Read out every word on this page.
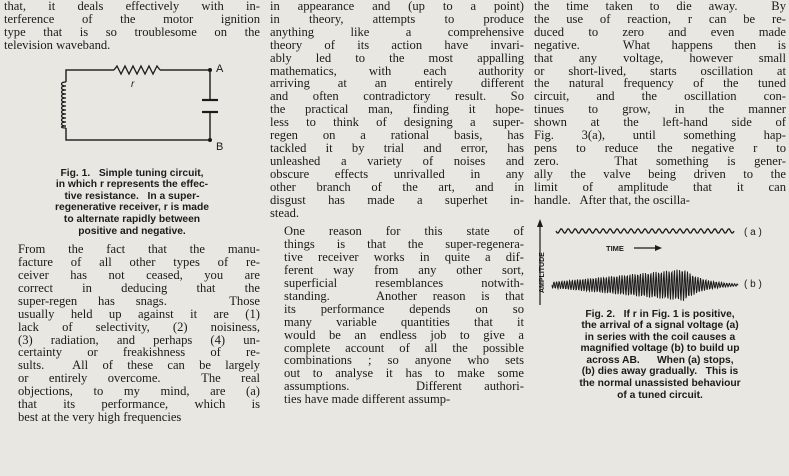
that, it deals effectively with in-
terference of the motor ignition
type that is so troublesome on the
television waveband.

r
A
B
Fig. 1.   Simple tuning circuit,
in which r represents the effec-
tive resistance.   In a super-
regenerative receiver, r is made
to alternate rapidly between
positive and negative.

From the fact that the manu-
facture of all other types of re-
ceiver has not ceased, you are
correct in deducing that the
super-regen has snags.   Those
usually held up against it are (1)
lack of selectivity, (2) noisiness,
(3) radiation, and perhaps (4) un-
certainty or freakishness of re-
sults.  All of these can be largely
or entirely overcome.  The real
objections, to my mind, are (a)
that its performance, which is
best at the very high frequencies

in appearance and (up to a point)
in theory, attempts to produce
anything like a comprehensive
theory of its action have invari-
ably led to the most appalling
mathematics, with each authority
arriving at an entirely different
and often contradictory result. So
the practical man, finding it hope-
less to think of designing a super-
regen on a rational basis, has
tackled it by trial and error, has
unleashed a variety of noises and
obscure effects unrivalled in any
other branch of the art, and in
disgust has made a superhet in-
stead.

One reason for this state of
things is that the super-regenera-
tive receiver works in quite a dif-
ferent way from any other sort,
superficial resemblances notwith-
standing.   Another reason is that
its performance depends on so
many variable quantities that it
would be an endless job to give a
complete account of all the possible
combinations ; so anyone who sets
out to analyse it has to make some
assumptions.   Different authori-
ties have made different assump-

the time taken to die away.  By
the use of reaction, r can be re-
duced to zero and even made
negative.  What happens then is
that any voltage, however small
or short-lived, starts oscillation at
the natural frequency of the tuned
circuit, and the oscillation con-
tinues to grow, in the manner
shown at the left-hand side of
Fig. 3(a), until something hap-
pens to reduce the negative r to
zero.   That something is gener-
ally the valve being driven to the
limit of amplitude that it can
handle.   After that, the oscilla-

AMPLITUDE
( a )
TIME
( b )
Fig. 2.   If r in Fig. 1 is positive,
the arrival of a signal voltage (a)
in series with the coil causes a
magnified voltage (b) to build up
across AB.      When (a) stops,
(b) dies away gradually.   This is
the normal unassisted behaviour
of a tuned circuit.
